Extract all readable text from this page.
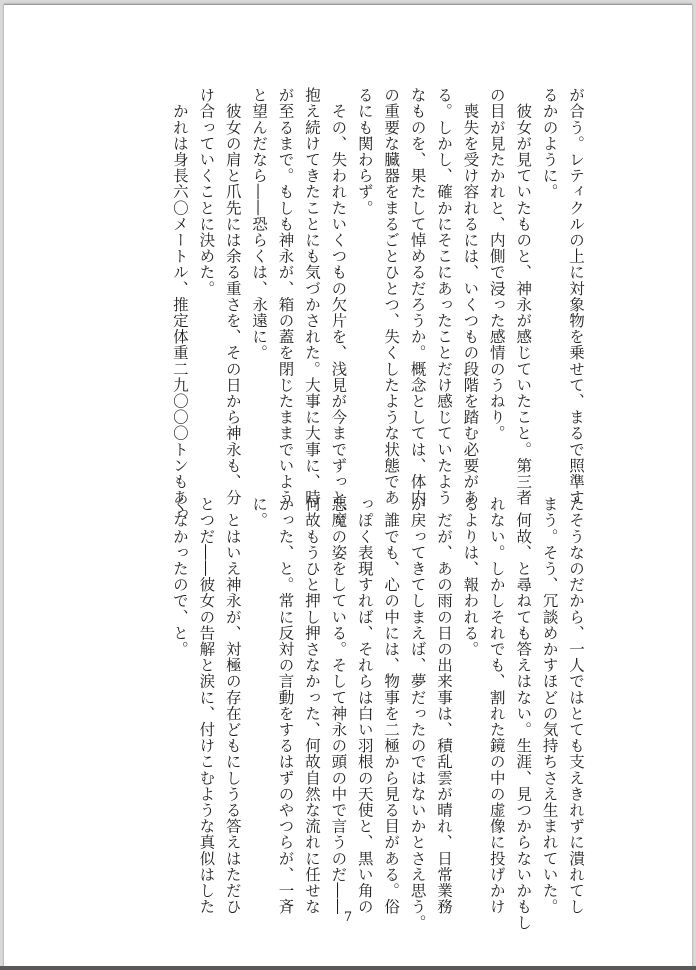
が合う。レティクルの上に対象物を乗せて、まるで照準す
るかのように。
　彼女が見ていたものと、神永が感じていたこと。第三者
の目が見たかれと、内側で浸った感情のうねり。
　喪失を受け容れるには、いくつもの段階を踏む必要があ
る。しかし、確かにそこにあったことだけ感じていたよう
なものを、果たして悼めるだろうか。概念としては、体内
の重要な臓器をまるごとひとつ、失くしたような状態であ
るにも関わらず。
　その、失われたいくつもの欠片を、浅見が今までずっと、
抱え続けてきたことにも気づかされた。大事に大事に、時
が至るまで。もしも神永が、箱の蓋を閉じたままでいよう
と望んだなら――恐らくは、永遠に。
　彼女の肩と爪先には余る重さを、その日から神永も、分
け合っていくことに決めた。
　かれは身長六〇メートル、推定体重二九〇〇〇トンもあっ
たそうなのだから、一人ではとても支えきれずに潰れてし
まう。そう、冗談めかすほどの気持ちさえ生まれていた。
　何故、と尋ねても答えはない。生涯、見つからないかもし
れない。しかしそれでも、割れた鏡の中の虚像に投げかけ
るよりは、報われる。
　だが、あの雨の日の出来事は、積乱雲が晴れ、日常業務
が戻ってきてしまえば、夢だったのではないかとさえ思う。
　誰でも、心の中には、物事を二極から見る目がある。俗
っぽく表現すれば、それらは白い羽根の天使と、黒い角の
悪魔の姿をしている。そして神永の頭の中で言うのだ――
何故もうひと押し押さなかった、何故自然な流れに任せな
かった、と。常に反対の言動をするはずのやつらが、一斉
に。
　とはいえ神永が、対極の存在どもにしうる答えはただひ
とつだ――彼女の告解と涙に、付けこむような真似はした
くなかったので、と。
7
